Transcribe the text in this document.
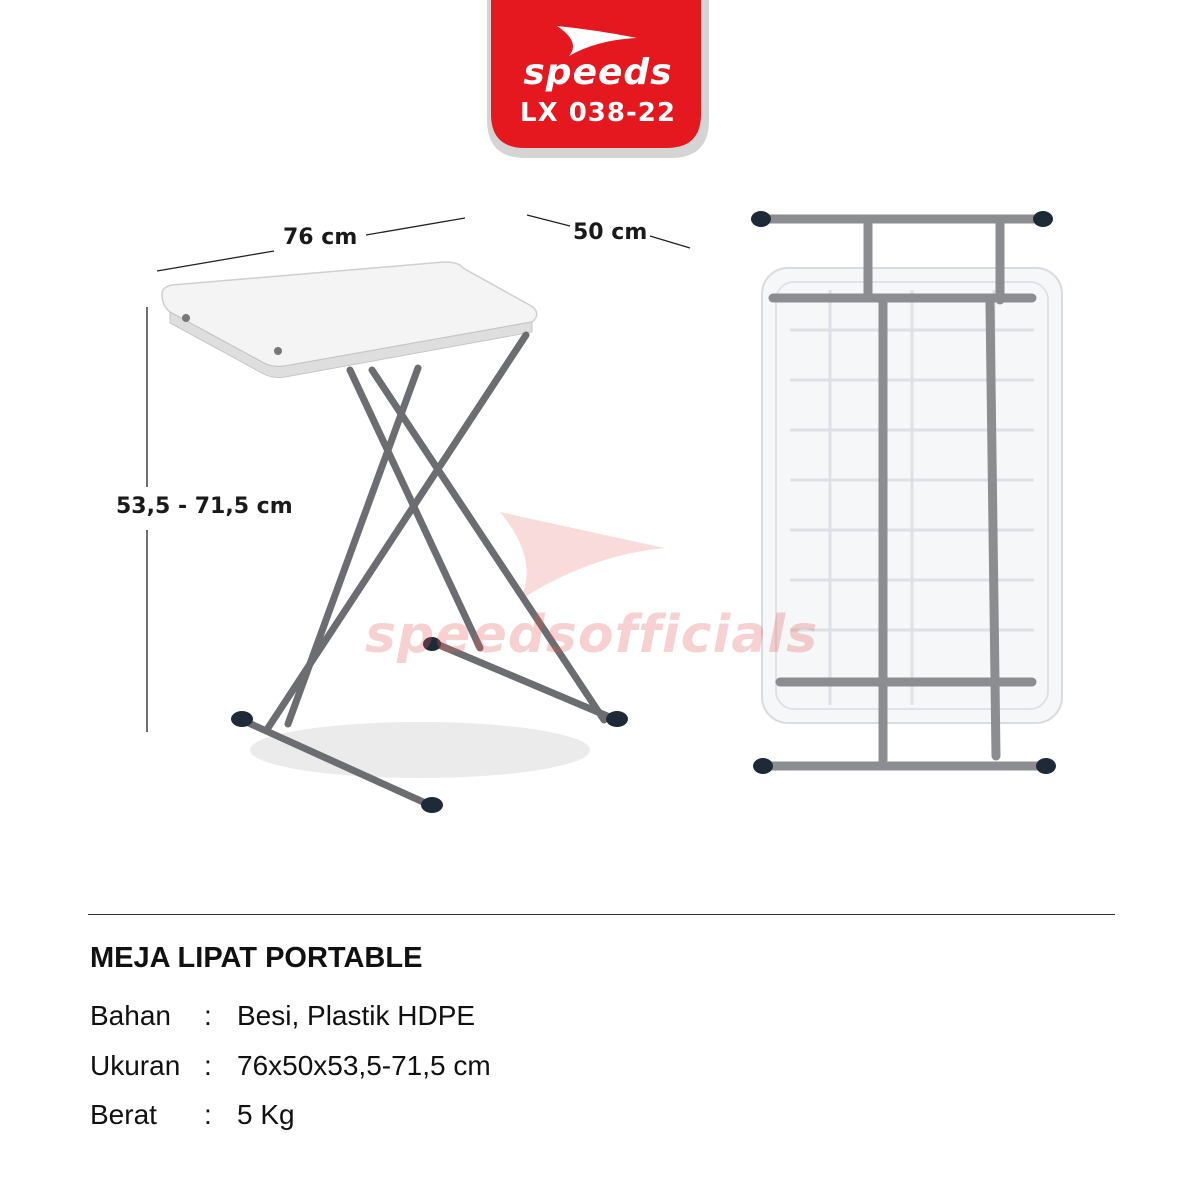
speeds
LX 038-22
76 cm	50 cm
53,5 - 71,5 cm
speedsofficials
MEJA LIPAT PORTABLE
Bahan : Besi, Plastik HDPE
Ukuran : 76x50x53,5-71,5 cm
Berat : 5 Kg
